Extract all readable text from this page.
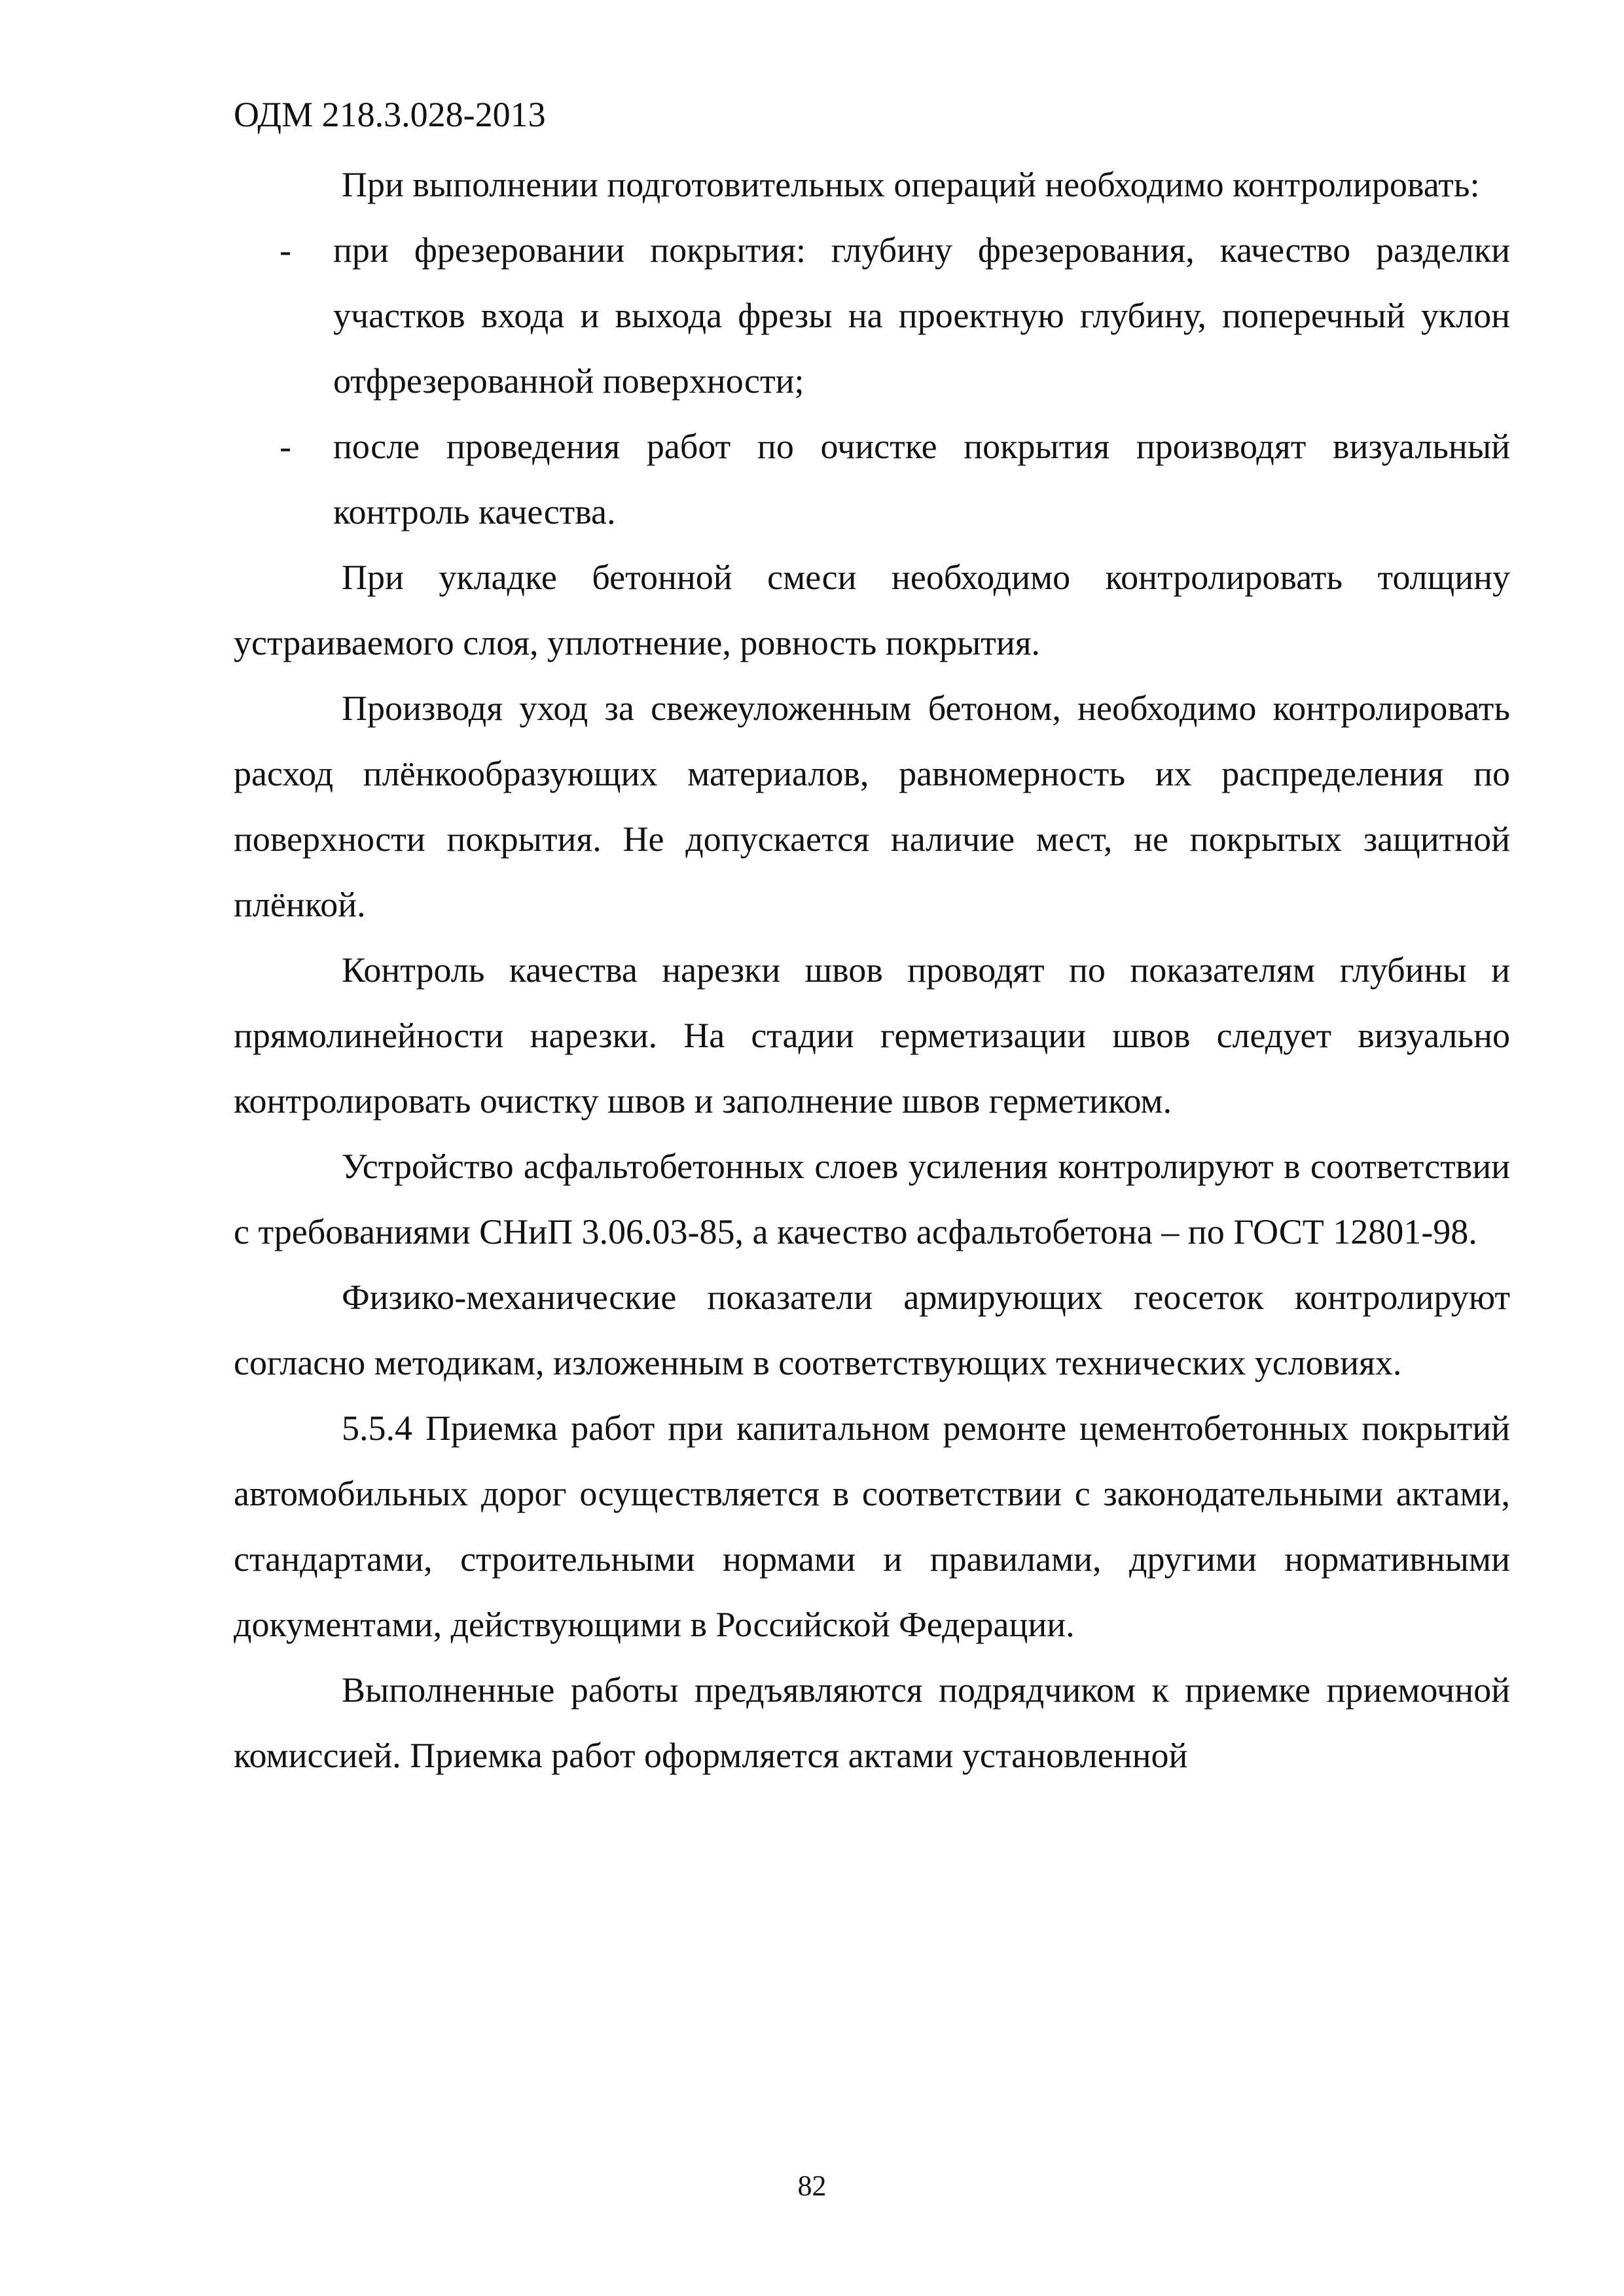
ОДМ 218.3.028-2013

При выполнении подготовительных операций необходимо контролировать:

- при фрезеровании покрытия: глубину фрезерования, качество разделки участков входа и выхода фрезы на проектную глубину, поперечный уклон отфрезерованной поверхности;
- после проведения работ по очистке покрытия производят визуальный контроль качества.

При укладке бетонной смеси необходимо контролировать толщину устраиваемого слоя, уплотнение, ровность покрытия.

Производя уход за свежеуложенным бетоном, необходимо контролировать расход плёнкообразующих материалов, равномерность их распределения по поверхности покрытия. Не допускается наличие мест, не покрытых защитной плёнкой.

Контроль качества нарезки швов проводят по показателям глубины и прямолинейности нарезки. На стадии герметизации швов следует визуально контролировать очистку швов и заполнение швов герметиком.

Устройство асфальтобетонных слоев усиления контролируют в соответствии с требованиями СНиП 3.06.03-85, а качество асфальтобетона – по ГОСТ 12801-98.

Физико-механические показатели армирующих геосеток контролируют согласно методикам, изложенным в соответствующих технических условиях.

5.5.4 Приемка работ при капитальном ремонте цементобетонных покрытий автомобильных дорог осуществляется в соответствии с законодательными актами, стандартами, строительными нормами и правилами, другими нормативными документами, действующими в Российской Федерации.

Выполненные работы предъявляются подрядчиком к приемке приемочной комиссией. Приемка работ оформляется актами установленной

82
